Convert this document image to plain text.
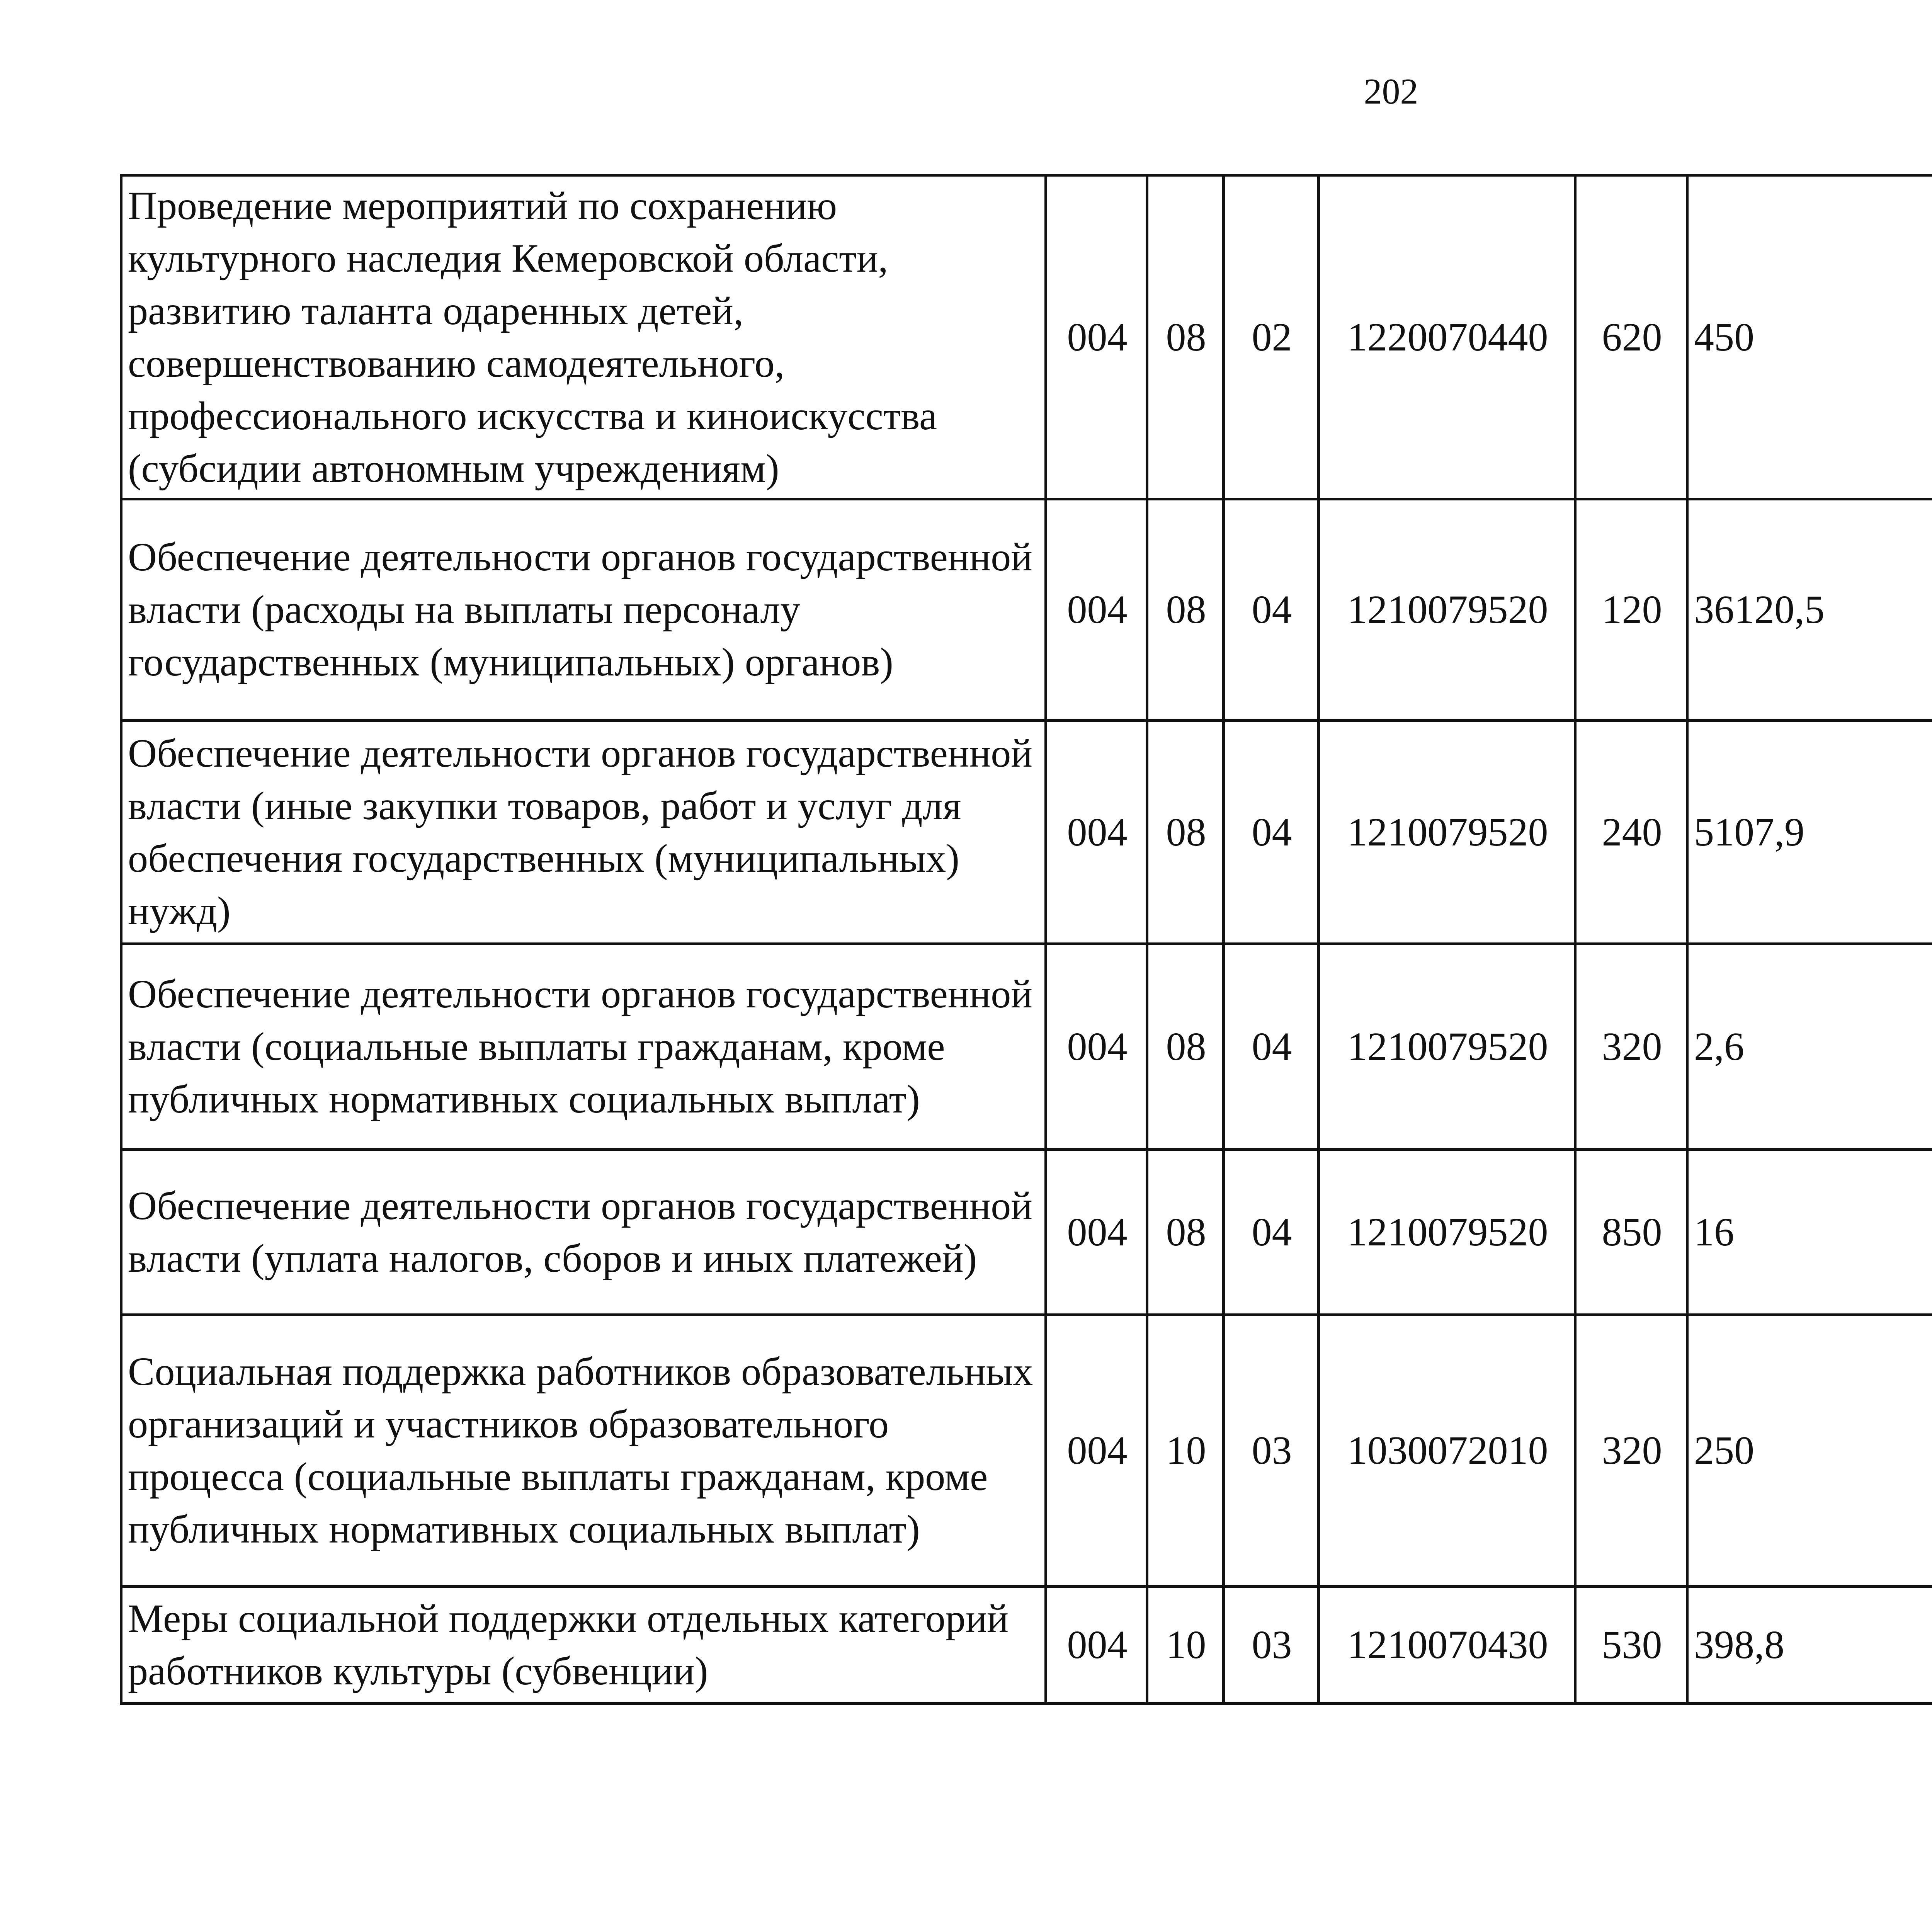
202
Проведение мероприятий по сохранению культурного наследия Кемеровской области, развитию таланта одаренных детей, совершенствованию самодеятельного, профессионального искусства и киноискусства (субсидии автономным учреждениям)	004	08	02	1220070440	620	450		
Обеспечение деятельности органов государственной власти (расходы на выплаты персоналу государственных (муниципальных) органов)	004	08	04	1210079520	120	36120,5		
Обеспечение деятельности органов государственной власти (иные закупки товаров, работ и услуг для обеспечения государственных (муниципальных) нужд)	004	08	04	1210079520	240	5107,9		
Обеспечение деятельности органов государственной власти (социальные выплаты гражданам, кроме публичных нормативных социальных выплат)	004	08	04	1210079520	320	2,6		
Обеспечение деятельности органов государственной власти (уплата налогов, сборов и иных платежей)	004	08	04	1210079520	850	16		
Социальная поддержка работников образовательных организаций и участников образовательного процесса (социальные выплаты гражданам, кроме публичных нормативных социальных выплат)	004	10	03	1030072010	320	250		
Меры социальной поддержки отдельных категорий работников культуры (субвенции)	004	10	03	1210070430	530	398,8		
